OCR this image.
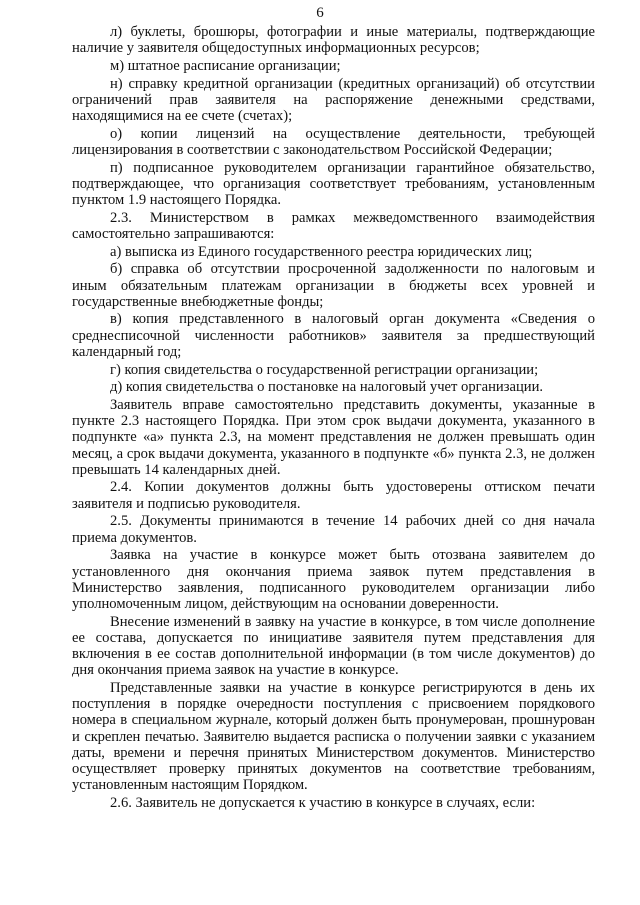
6

л) буклеты, брошюры, фотографии и иные материалы, подтверждающие наличие у заявителя общедоступных информационных ресурсов;

м) штатное расписание организации;

н) справку кредитной организации (кредитных организаций) об отсутствии ограничений прав заявителя на распоряжение денежными средствами, находящимися на ее счете (счетах);

о) копии лицензий на осуществление деятельности, требующей лицензирования в соответствии с законодательством Российской Федерации;

п) подписанное руководителем организации гарантийное обязательство, подтверждающее, что организация соответствует требованиям, установленным пунктом 1.9 настоящего Порядка.

2.3. Министерством в рамках межведомственного взаимодействия самостоятельно запрашиваются:

а) выписка из Единого государственного реестра юридических лиц;

б) справка об отсутствии просроченной задолженности по налоговым и иным обязательным платежам организации в бюджеты всех уровней и государственные внебюджетные фонды;

в) копия представленного в налоговый орган документа «Сведения о среднесписочной численности работников» заявителя за предшествующий календарный год;

г) копия свидетельства о государственной регистрации организации;

д) копия свидетельства о постановке на налоговый учет организации.

Заявитель вправе самостоятельно представить документы, указанные в пункте 2.3 настоящего Порядка. При этом срок выдачи документа, указанного в подпункте «а» пункта 2.3, на момент представления не должен превышать один месяц, а срок выдачи документа, указанного в подпункте «б» пункта 2.3, не должен превышать 14 календарных дней.

2.4. Копии документов должны быть удостоверены оттиском печати заявителя и подписью руководителя.

2.5. Документы принимаются в течение 14 рабочих дней со дня начала приема документов.

Заявка на участие в конкурсе может быть отозвана заявителем до установленного дня окончания приема заявок путем представления в Министерство заявления, подписанного руководителем организации либо уполномоченным лицом, действующим на основании доверенности.

Внесение изменений в заявку на участие в конкурсе, в том числе дополнение ее состава, допускается по инициативе заявителя путем представления для включения в ее состав дополнительной информации (в том числе документов) до дня окончания приема заявок на участие в конкурсе.

Представленные заявки на участие в конкурсе регистрируются в день их поступления в порядке очередности поступления с присвоением порядкового номера в специальном журнале, который должен быть пронумерован, прошнурован и скреплен печатью. Заявителю выдается расписка о получении заявки с указанием даты, времени и перечня принятых Министерством документов. Министерство осуществляет проверку принятых документов на соответствие требованиям, установленным настоящим Порядком.

2.6. Заявитель не допускается к участию в конкурсе в случаях, если:
